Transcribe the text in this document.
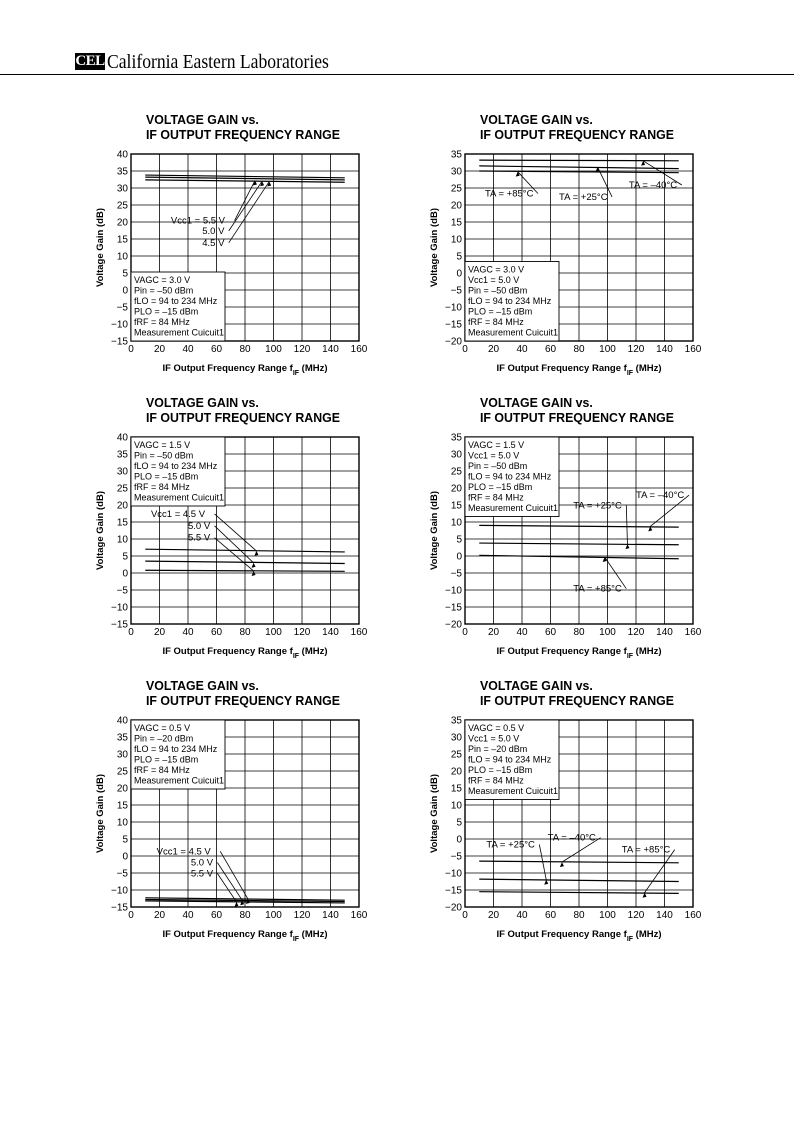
CEL California Eastern Laboratories
VOLTAGE GAIN vs.
IF OUTPUT FREQUENCY RANGE
0 20 40 60 80 100 120 140 160
−15
−10
−5
0
5
10
15
20
25
30
35
40
Voltage Gain (dB)
IF Output Frequency Range $f_{IF}$ (MHz)
VAGC = 3.0 V
Pin = –50 dBm
fLO = 94 to 234 MHz
PLO = –15 dBm
fRF = 84 MHz
Measurement Cuicuit1
Vcc1 = 5.5 V
5.0 V
4.5 V
VOLTAGE GAIN vs.
IF OUTPUT FREQUENCY RANGE
0 20 40 60 80 100 120 140 160
−20
−15
−10
−5
0
5
10
15
20
25
30
35
Voltage Gain (dB)
IF Output Frequency Range $f_{IF}$ (MHz)
VAGC = 3.0 V
Vcc1 = 5.0 V
Pin = –50 dBm
fLO = 94 to 234 MHz
PLO = –15 dBm
fRF = 84 MHz
Measurement Cuicuit1
TA = +85°C	TA = +25°C
TA = –40°C
VOLTAGE GAIN vs.
IF OUTPUT FREQUENCY RANGE
0 20 40 60 80 100 120 140 160
−15
−10
−5
0
5
10
15
20
25
30
35
40
Voltage Gain (dB)
IF Output Frequency Range $f_{IF}$ (MHz)
VAGC = 1.5 V
Pin = –50 dBm
fLO = 94 to 234 MHz
PLO = –15 dBm
fRF = 84 MHz
Measurement Cuicuit1
Vcc1 = 4.5 V
5.0 V
5.5 V
VOLTAGE GAIN vs.
IF OUTPUT FREQUENCY RANGE
0 20 40 60 80 100 120 140 160
−20
−15
−10
−5
0
5
10
15
20
25
30
35
Voltage Gain (dB)
IF Output Frequency Range $f_{IF}$ (MHz)
VAGC = 1.5 V
Vcc1 = 5.0 V
Pin = –50 dBm
fLO = 94 to 234 MHz
PLO = –15 dBm
fRF = 84 MHz
Measurement Cuicuit1 TA = +25°C
TA = –40°C
TA = +85°C
VOLTAGE GAIN vs.
IF OUTPUT FREQUENCY RANGE
0 20 40 60 80 100 120 140 160
−15
−10
−5
0
5
10
15
20
25
30
35
40
Voltage Gain (dB)
IF Output Frequency Range $f_{IF}$ (MHz)
VAGC = 0.5 V
Pin = –20 dBm
fLO = 94 to 234 MHz
PLO = –15 dBm
fRF = 84 MHz
Measurement Cuicuit1
Vcc1 = 4.5 V
5.0 V
5.5 V
VOLTAGE GAIN vs.
IF OUTPUT FREQUENCY RANGE
0 20 40 60 80 100 120 140 160
−20
−15
−10
−5
0
5
10
15
20
25
30
35
Voltage Gain (dB)
IF Output Frequency Range $f_{IF}$ (MHz)
VAGC = 0.5 V
Vcc1 = 5.0 V
Pin = –20 dBm
fLO = 94 to 234 MHz
PLO = –15 dBm
fRF = 84 MHz
Measurement Cuicuit1
TA = +25°C
TA = –40°C
TA = +85°C
